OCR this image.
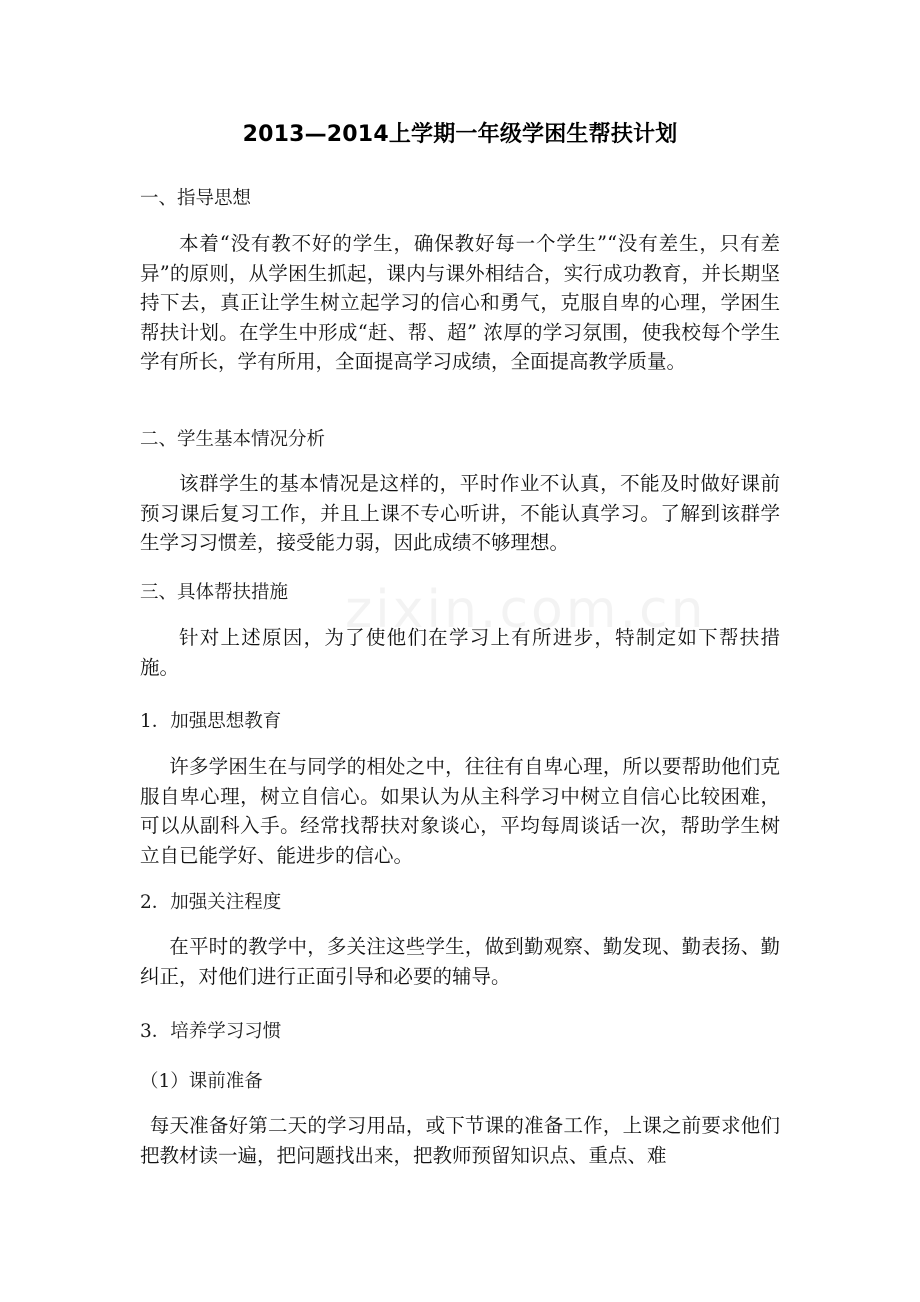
2013—2014上学期一年级学困生帮扶计划
一、指导思想
本着“没有教不好的学生，确保教好每一个学生”“没有差生，只有差异”的原则，从学困生抓起，课内与课外相结合，实行成功教育，并长期坚持下去，真正让学生树立起学习的信心和勇气，克服自卑的心理，学困生帮扶计划。在学生中形成“赶、帮、超” 浓厚的学习氛围，使我校每个学生学有所长，学有所用，全面提高学习成绩，全面提高教学质量。
二、学生基本情况分析
该群学生的基本情况是这样的，平时作业不认真，不能及时做好课前预习课后复习工作，并且上课不专心听讲，不能认真学习。了解到该群学生学习习惯差，接受能力弱，因此成绩不够理想。
三、具体帮扶措施
针对上述原因，为了使他们在学习上有所进步，特制定如下帮扶措施。
1．加强思想教育
许多学困生在与同学的相处之中，往往有自卑心理，所以要帮助他们克服自卑心理，树立自信心。如果认为从主科学习中树立自信心比较困难，可以从副科入手。经常找帮扶对象谈心，平均每周谈话一次，帮助学生树立自已能学好、能进步的信心。
2．加强关注程度
在平时的教学中，多关注这些学生，做到勤观察、勤发现、勤表扬、勤纠正，对他们进行正面引导和必要的辅导。
3．培养学习习惯
（1）课前准备
每天准备好第二天的学习用品，或下节课的准备工作，上课之前要求他们把教材读一遍，把问题找出来，把教师预留知识点、重点、难
